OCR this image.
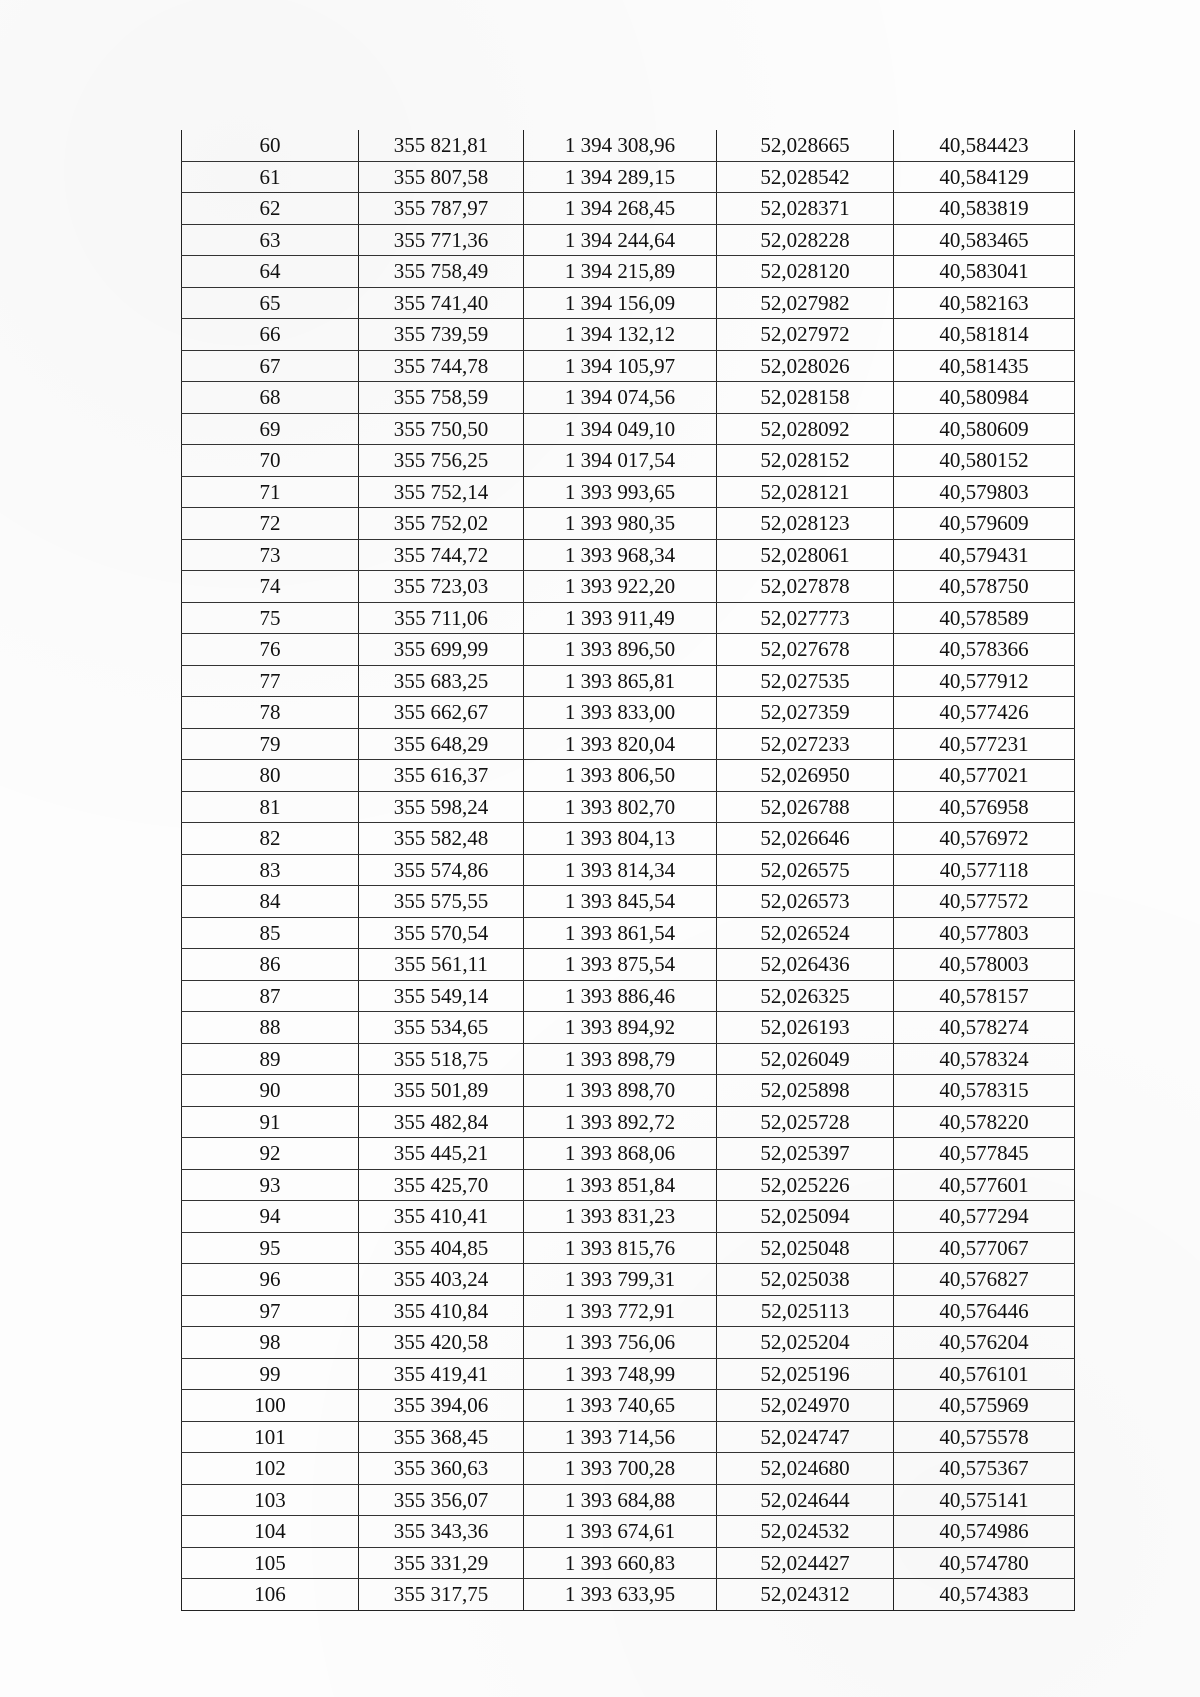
60	355 821,81	1 394 308,96	52,028665	40,584423
61	355 807,58	1 394 289,15	52,028542	40,584129
62	355 787,97	1 394 268,45	52,028371	40,583819
63	355 771,36	1 394 244,64	52,028228	40,583465
64	355 758,49	1 394 215,89	52,028120	40,583041
65	355 741,40	1 394 156,09	52,027982	40,582163
66	355 739,59	1 394 132,12	52,027972	40,581814
67	355 744,78	1 394 105,97	52,028026	40,581435
68	355 758,59	1 394 074,56	52,028158	40,580984
69	355 750,50	1 394 049,10	52,028092	40,580609
70	355 756,25	1 394 017,54	52,028152	40,580152
71	355 752,14	1 393 993,65	52,028121	40,579803
72	355 752,02	1 393 980,35	52,028123	40,579609
73	355 744,72	1 393 968,34	52,028061	40,579431
74	355 723,03	1 393 922,20	52,027878	40,578750
75	355 711,06	1 393 911,49	52,027773	40,578589
76	355 699,99	1 393 896,50	52,027678	40,578366
77	355 683,25	1 393 865,81	52,027535	40,577912
78	355 662,67	1 393 833,00	52,027359	40,577426
79	355 648,29	1 393 820,04	52,027233	40,577231
80	355 616,37	1 393 806,50	52,026950	40,577021
81	355 598,24	1 393 802,70	52,026788	40,576958
82	355 582,48	1 393 804,13	52,026646	40,576972
83	355 574,86	1 393 814,34	52,026575	40,577118
84	355 575,55	1 393 845,54	52,026573	40,577572
85	355 570,54	1 393 861,54	52,026524	40,577803
86	355 561,11	1 393 875,54	52,026436	40,578003
87	355 549,14	1 393 886,46	52,026325	40,578157
88	355 534,65	1 393 894,92	52,026193	40,578274
89	355 518,75	1 393 898,79	52,026049	40,578324
90	355 501,89	1 393 898,70	52,025898	40,578315
91	355 482,84	1 393 892,72	52,025728	40,578220
92	355 445,21	1 393 868,06	52,025397	40,577845
93	355 425,70	1 393 851,84	52,025226	40,577601
94	355 410,41	1 393 831,23	52,025094	40,577294
95	355 404,85	1 393 815,76	52,025048	40,577067
96	355 403,24	1 393 799,31	52,025038	40,576827
97	355 410,84	1 393 772,91	52,025113	40,576446
98	355 420,58	1 393 756,06	52,025204	40,576204
99	355 419,41	1 393 748,99	52,025196	40,576101
100	355 394,06	1 393 740,65	52,024970	40,575969
101	355 368,45	1 393 714,56	52,024747	40,575578
102	355 360,63	1 393 700,28	52,024680	40,575367
103	355 356,07	1 393 684,88	52,024644	40,575141
104	355 343,36	1 393 674,61	52,024532	40,574986
105	355 331,29	1 393 660,83	52,024427	40,574780
106	355 317,75	1 393 633,95	52,024312	40,574383
